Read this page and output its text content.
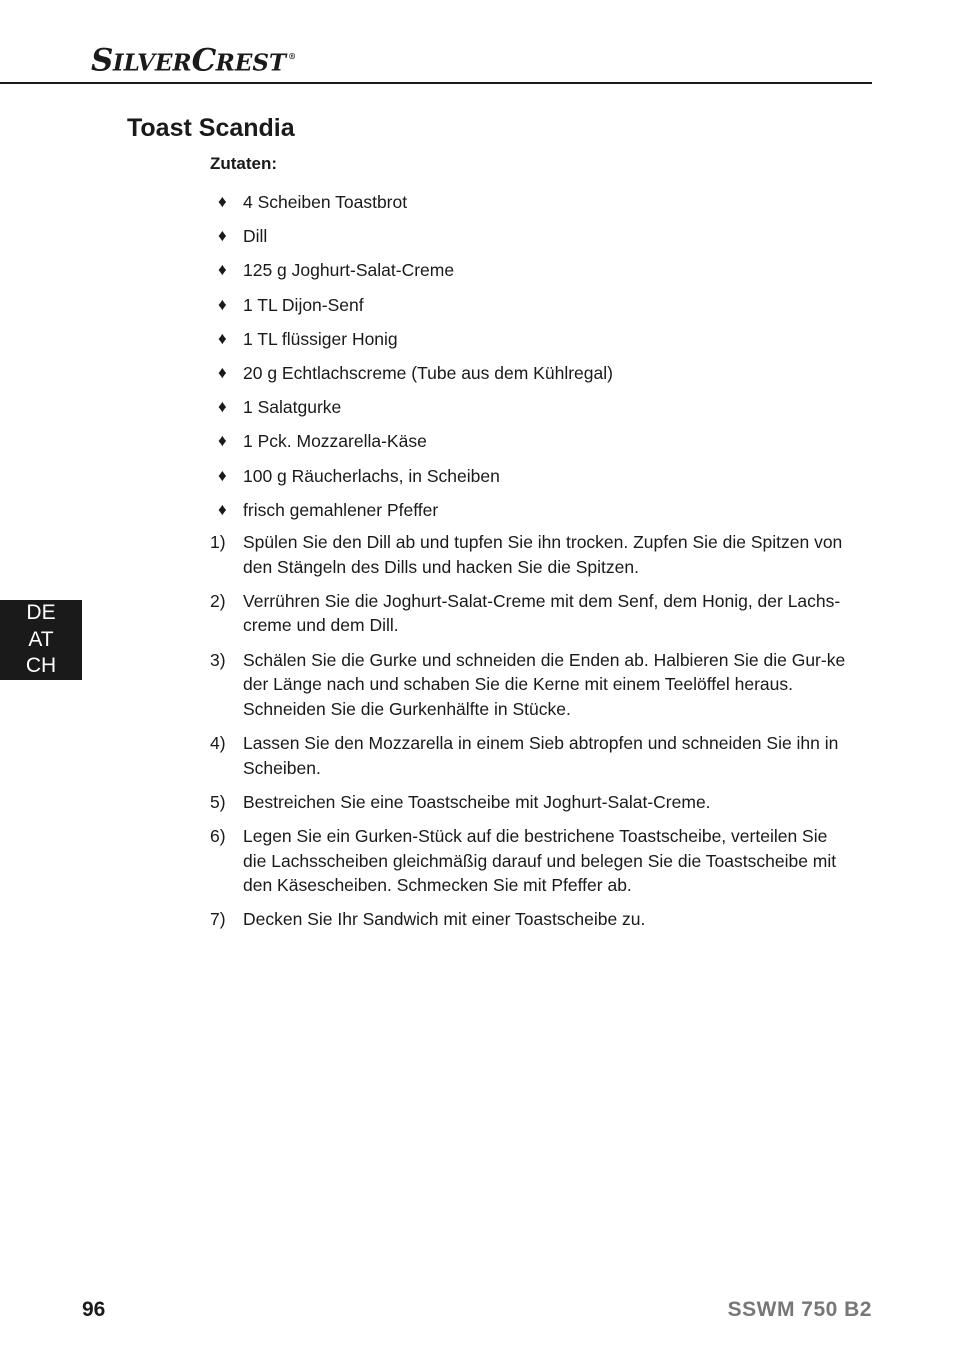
SILVERCREST ®
Toast Scandia
Zutaten:
♦ 4 Scheiben Toastbrot
♦ Dill
♦ 125 g Joghurt-Salat-Creme
♦ 1 TL Dijon-Senf
♦ 1 TL flüssiger Honig
♦ 20 g Echtlachscreme (Tube aus dem Kühlregal)
♦ 1 Salatgurke
♦ 1 Pck. Mozzarella-Käse
♦ 100 g Räucherlachs, in Scheiben
♦ frisch gemahlener Pfeffer
1) Spülen Sie den Dill ab und tupfen Sie ihn trocken. Zupfen Sie die Spitzen von den Stängeln des Dills und hacken Sie die Spitzen.
2) Verrühren Sie die Joghurt-Salat-Creme mit dem Senf, dem Honig, der Lachs-creme und dem Dill.
3) Schälen Sie die Gurke und schneiden die Enden ab. Halbieren Sie die Gur-ke der Länge nach und schaben Sie die Kerne mit einem Teelöffel heraus. Schneiden Sie die Gurkenhälfte in Stücke.
4) Lassen Sie den Mozzarella in einem Sieb abtropfen und schneiden Sie ihn in Scheiben.
5) Bestreichen Sie eine Toastscheibe mit Joghurt-Salat-Creme.
6) Legen Sie ein Gurken-Stück auf die bestrichene Toastscheibe, verteilen Sie die Lachsscheiben gleichmäßig darauf und belegen Sie die Toastscheibe mit den Käsescheiben. Schmecken Sie mit Pfeffer ab.
7) Decken Sie Ihr Sandwich mit einer Toastscheibe zu.
DE
AT
CH
96	SSWM 750 B2
